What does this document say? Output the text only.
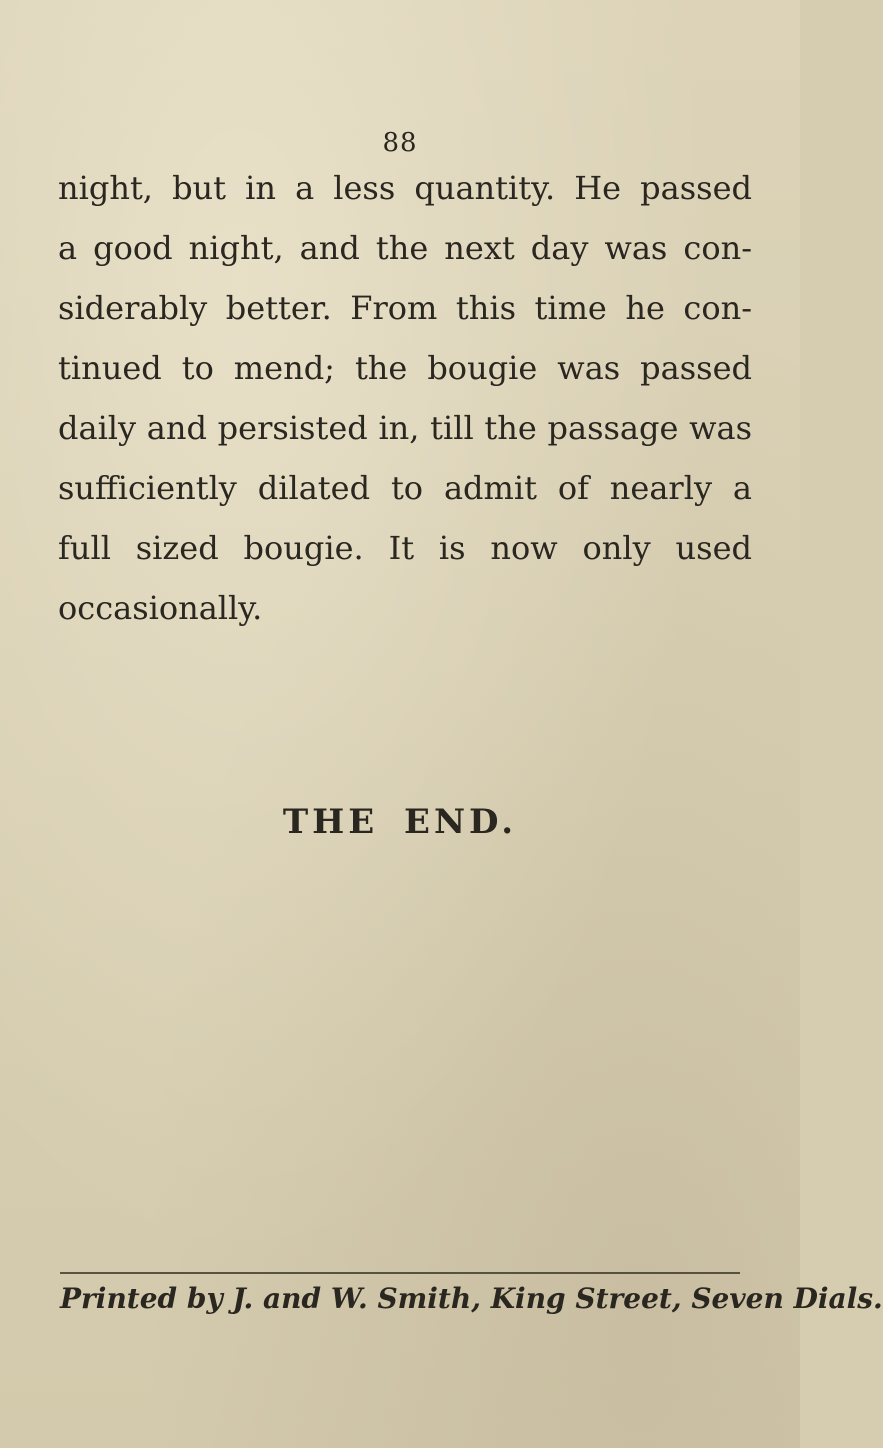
88
night, but in a less quantity. He passed
a good night, and the next day was con-
siderably better. From this time he con-
tinued to mend; the bougie was passed
daily and persisted in, till the passage was
sufficiently dilated to admit of nearly a
full sized bougie. It is now only used
occasionally.
THE END.
Printed by J. and W. Smith, King Street, Seven Dials.
